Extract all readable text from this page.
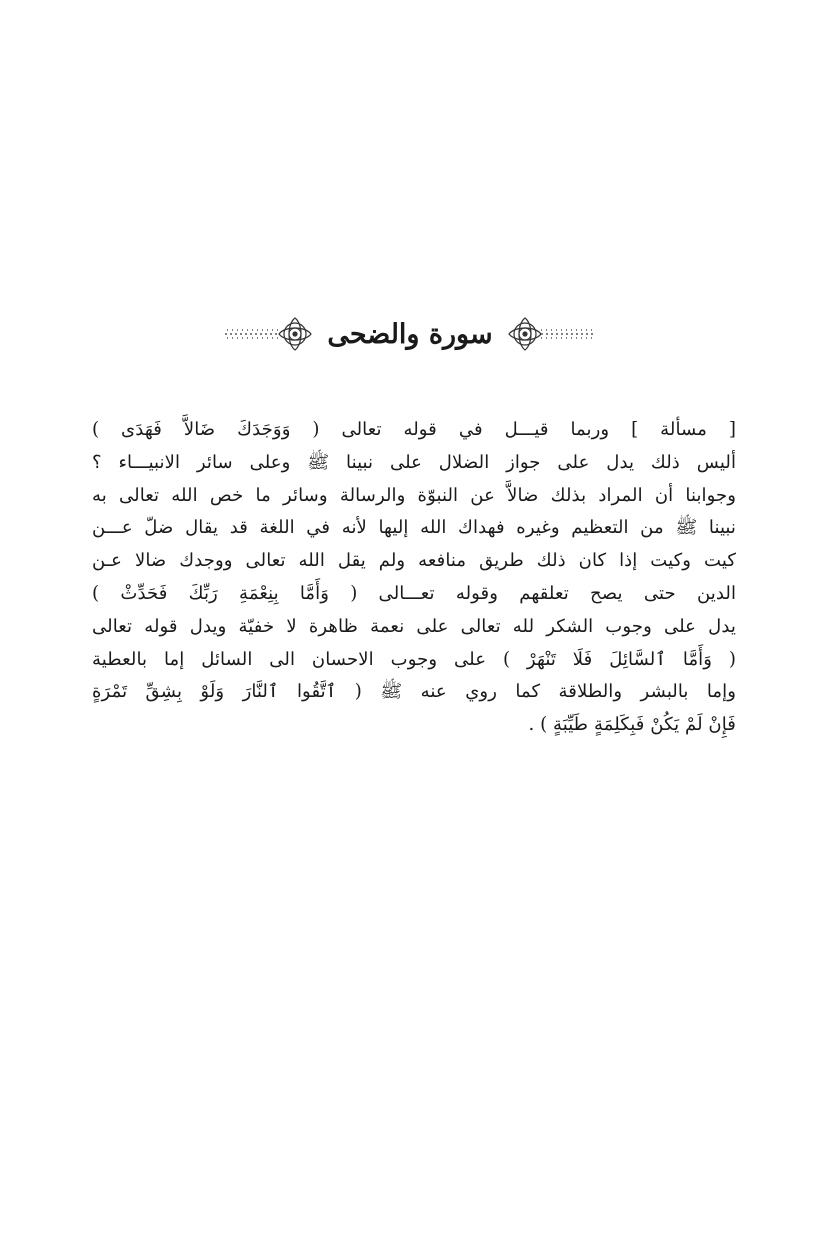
سورة والضحى
[ مسألة ] وربما قيـــل في قوله تعالى ( وَوَجَدَكَ ضَالاًّ فَهَدَى )
أليس ذلك يدل على جواز الضلال على نبينا ﷺ وعلى سائر الانبيـــاء ؟
وجوابنا أن المراد بذلك ضالاًّ عن النبوّة والرسالة وسائر ما خص الله تعالى به
نبينا ﷺ من التعظيم وغيره فهداك الله إليها لأنه في اللغة قد يقال ضلّ عـــن
كيت وكيت إذا كان ذلك طريق منافعه ولم يقل الله تعالى ووجدك ضالا عـن
الدين حتى يصح تعلقهم وقوله تعـــالى ( وَأَمَّا بِنِعْمَةِ رَبِّكَ فَحَدِّثْ )
يدل على وجوب الشكر لله تعالى على نعمة ظاهرة لا خفيّة ويدل قوله تعالى
( وَأَمَّا ٱلسَّائِلَ فَلَا تَنْهَرْ ) على وجوب الاحسان الى السائل إما بالعطية
وإما بالبشر والطلاقة كما روي عنه ﷺ ( ٱتَّقُوا ٱلنَّارَ وَلَوْ بِشِقِّ تَمْرَةٍ
فَإِنْ لَمْ يَكُنْ فَبِكَلِمَةٍ طَيِّبَةٍ ) .
